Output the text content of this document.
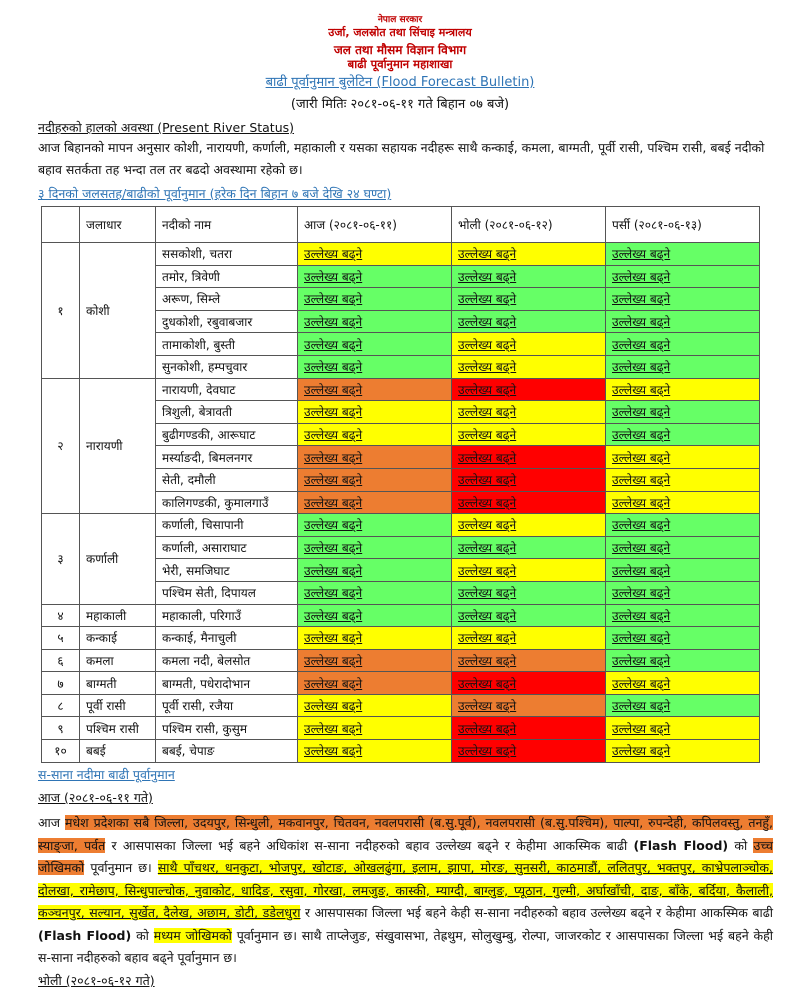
नेपाल सरकार
उर्जा, जलस्रोत तथा सिंचाइ मन्त्रालय
जल तथा मौसम विज्ञान विभाग
बाढी पूर्वानुमान महाशाखा
बाढी पूर्वानुमान बुलेटिन (Flood Forecast Bulletin)
(जारी मितिः २०८१-०६-११ गते बिहान ०७ बजे)
नदीहरुको हालको अवस्था (Present River Status)
आज बिहानको मापन अनुसार कोशी, नारायणी, कर्णाली, महाकाली र यसका सहायक नदीहरू साथै कन्काई, कमला, बाग्मती, पूर्वी रासी, पश्चिम रासी, बबई नदीको बहाव सतर्कता तह भन्दा तल तर बढदो अवस्थामा रहेको छ।
३ दिनको जलसतह/बाढीको पूर्वानुमान (हरेक दिन बिहान ७ बजे देखि २४ घण्टा)
	जलाधार	नदीको नाम	आज (२०८१-०६-११)	भोली (२०८१-०६-१२)	पर्सी (२०८१-०६-१३)
१	कोशी	ससकोशी, चतरा	उल्लेख्य बढ्ने	उल्लेख्य बढ्ने	उल्लेख्य बढ्ने
		तमोर, त्रिवेणी	उल्लेख्य बढ्ने	उल्लेख्य बढ्ने	उल्लेख्य बढ्ने
		अरूण, सिम्ले	उल्लेख्य बढ्ने	उल्लेख्य बढ्ने	उल्लेख्य बढ्ने
		दुधकोशी, रबुवाबजार	उल्लेख्य बढ्ने	उल्लेख्य बढ्ने	उल्लेख्य बढ्ने
		तामाकोशी, बुस्ती	उल्लेख्य बढ्ने	उल्लेख्य बढ्ने	उल्लेख्य बढ्ने
		सुनकोशी, हम्पचुवार	उल्लेख्य बढ्ने	उल्लेख्य बढ्ने	उल्लेख्य बढ्ने
२	नारायणी	नारायणी, देवघाट	उल्लेख्य बढ्ने	उल्लेख्य बढ्ने	उल्लेख्य बढ्ने
		त्रिशुली, बेत्रावती	उल्लेख्य बढ्ने	उल्लेख्य बढ्ने	उल्लेख्य बढ्ने
		बुढीगण्डकी, आरूघाट	उल्लेख्य बढ्ने	उल्लेख्य बढ्ने	उल्लेख्य बढ्ने
		मर्स्याङदी, बिमलनगर	उल्लेख्य बढ्ने	उल्लेख्य बढ्ने	उल्लेख्य बढ्ने
		सेती, दमौली	उल्लेख्य बढ्ने	उल्लेख्य बढ्ने	उल्लेख्य बढ्ने
		कालिगण्डकी, कुमालगाउँ	उल्लेख्य बढ्ने	उल्लेख्य बढ्ने	उल्लेख्य बढ्ने
३	कर्णाली	कर्णाली, चिसापानी	उल्लेख्य बढ्ने	उल्लेख्य बढ्ने	उल्लेख्य बढ्ने
		कर्णाली, असाराघाट	उल्लेख्य बढ्ने	उल्लेख्य बढ्ने	उल्लेख्य बढ्ने
		भेरी, समजिघाट	उल्लेख्य बढ्ने	उल्लेख्य बढ्ने	उल्लेख्य बढ्ने
		पश्चिम सेती, दिपायल	उल्लेख्य बढ्ने	उल्लेख्य बढ्ने	उल्लेख्य बढ्ने
४	महाकाली	महाकाली, परिगाउँ	उल्लेख्य बढ्ने	उल्लेख्य बढ्ने	उल्लेख्य बढ्ने
५	कन्काई	कन्काई, मैनाचुली	उल्लेख्य बढ्ने	उल्लेख्य बढ्ने	उल्लेख्य बढ्ने
६	कमला	कमला नदी, बेलसोत	उल्लेख्य बढ्ने	उल्लेख्य बढ्ने	उल्लेख्य बढ्ने
७	बाग्मती	बाग्मती, पधेरादोभान	उल्लेख्य बढ्ने	उल्लेख्य बढ्ने	उल्लेख्य बढ्ने
८	पूर्वी रासी	पूर्वी रासी, रजैया	उल्लेख्य बढ्ने	उल्लेख्य बढ्ने	उल्लेख्य बढ्ने
९	पश्चिम रासी	पश्चिम रासी, कुसुम	उल्लेख्य बढ्ने	उल्लेख्य बढ्ने	उल्लेख्य बढ्ने
१०	बबई	बबई, चेपाङ	उल्लेख्य बढ्ने	उल्लेख्य बढ्ने	उल्लेख्य बढ्ने
स-साना नदीमा बाढी पूर्वानुमान
आज (२०८१-०६-११ गते)
आज मधेश प्रदेशका सबै जिल्ला, उदयपुर, सिन्धुली, मकवानपुर, चितवन, नवलपरासी (ब.सु.पूर्व), नवलपरासी (ब.सु.पश्चिम), पाल्पा, रुपन्देही, कपिलवस्तु, तनहुँ, स्याङ्जा, पर्वत र आसपासका जिल्ला भई बहने अधिकांश स-साना नदीहरुको बहाव उल्लेख्य बढ्ने र केहीमा आकस्मिक बाढी (Flash Flood) को उच्च जोखिमको पूर्वानुमान छ। साथै पाँचथर, धनकुटा, भोजपुर, खोटाङ, ओखलढुंगा, इलाम, झापा, मोरङ, सुनसरी, काठमाडौं, ललितपुर, भक्तपुर, काभ्रेपलाञ्चोक, दोलखा, रामेछाप, सिन्धुपाल्चोक, नुवाकोट, धादिङ, रसुवा, गोरखा, लमजुङ, कास्की, म्याग्दी, बाग्लुङ, प्यूठान, गुल्मी, अर्घाखाँची, दाङ, बाँके, बर्दिया, कैलाली, कञ्चनपुर, सल्यान, सुर्खेत, दैलेख, अछाम, डोटी, डडेलधुरा र आसपासका जिल्ला भई बहने केही स-साना नदीहरुको बहाव उल्लेख्य बढ्ने र केहीमा आकस्मिक बाढी (Flash Flood) को मध्यम जोखिमको पूर्वानुमान छ। साथै ताप्लेजुङ, संखुवासभा, तेह्रथुम, सोलुखुम्बु, रोल्पा, जाजरकोट र आसपासका जिल्ला भई बहने केही स-साना नदीहरुको बहाव बढ्ने पूर्वानुमान छ।
भोली (२०८१-०६-१२ गते)
